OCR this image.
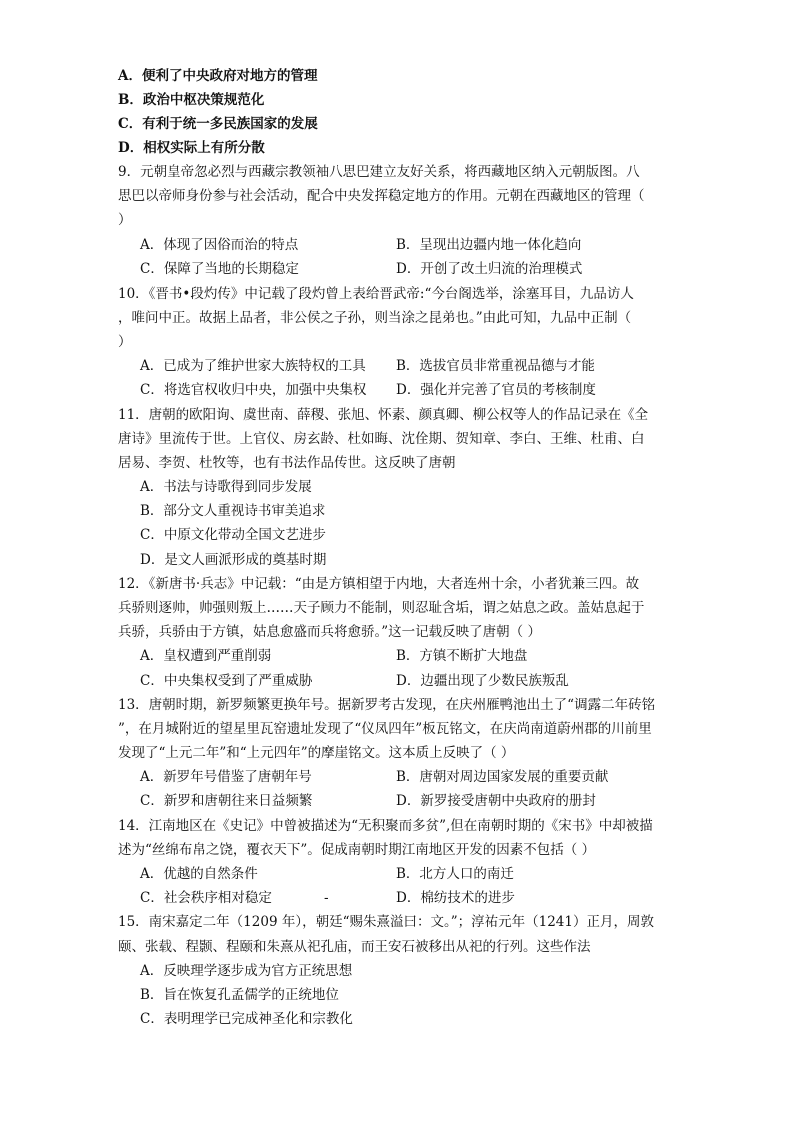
A．便利了中央政府对地方的管理
B．政治中枢决策规范化
C．有利于统一多民族国家的发展
D．相权实际上有所分散
9．元朝皇帝忽必烈与西藏宗教领袖八思巴建立友好关系，将西藏地区纳入元朝版图。八
思巴以帝师身份参与社会活动，配合中央发挥稳定地方的作用。元朝在西藏地区的管理（
）
A．体现了因俗而治的特点	B．呈现出边疆内地一体化趋向
C．保障了当地的长期稳定	D．开创了改土归流的治理模式
10．《晋书•段灼传》中记载了段灼曾上表给晋武帝:“今台阁选举，涂塞耳目，九品访人
，唯问中正。故据上品者，非公侯之子孙，则当涂之昆弟也。”由此可知，九品中正制（
）
A．已成为了维护世家大族特权的工具 B．选拔官员非常重视品德与才能
C．将选官权收归中央，加强中央集权 D．强化并完善了官员的考核制度
11．唐朝的欧阳询、虞世南、薛稷、张旭、怀素、颜真卿、柳公权等人的作品记录在《全
唐诗》里流传于世。上官仪、房玄龄、杜如晦、沈佺期、贺知章、李白、王维、杜甫、白
居易、李贺、杜牧等，也有书法作品传世。这反映了唐朝
A．书法与诗歌得到同步发展
B．部分文人重视诗书审美追求
C．中原文化带动全国文艺进步
D．是文人画派形成的奠基时期
12．《新唐书·兵志》中记载：“由是方镇相望于内地，大者连州十余，小者犹兼三四。故
兵骄则逐帅，帅强则叛上……天子顾力不能制，则忍耻含垢，谓之姑息之政。盖姑息起于
兵骄，兵骄由于方镇，姑息愈盛而兵将愈骄。”这一记载反映了唐朝（ ）
A．皇权遭到严重削弱	B．方镇不断扩大地盘
C．中央集权受到了严重威胁	D．边疆出现了少数民族叛乱
13．唐朝时期，新罗频繁更换年号。据新罗考古发现，在庆州雁鸭池出土了“调露二年砖铭
”，在月城附近的望星里瓦窑遗址发现了“仪凤四年”板瓦铭文，在庆尚南道蔚州郡的川前里
发现了“上元二年”和“上元四年”的摩崖铭文。这本质上反映了（ ）
A．新罗年号借鉴了唐朝年号	B．唐朝对周边国家发展的重要贡献
C．新罗和唐朝往来日益频繁	D．新罗接受唐朝中央政府的册封
14．江南地区在《史记》中曾被描述为“无积聚而多贫”,但在南朝时期的《宋书》中却被描
述为“丝绵布帛之饶，覆衣天下”。促成南朝时期江南地区开发的因素不包括（ ）
A．优越的自然条件	B．北方人口的南迁
C．社会秩序相对稳定	-	D．棉纺技术的进步
15．南宋嘉定二年（1209 年），朝廷“赐朱熹溢曰：文。”；淳祐元年（1241）正月，周敦
颐、张载、程颢、程颐和朱熹从祀孔庙，而王安石被移出从祀的行列。这些作法
A．反映理学逐步成为官方正统思想
B．旨在恢复孔孟儒学的正统地位
C．表明理学已完成神圣化和宗教化
